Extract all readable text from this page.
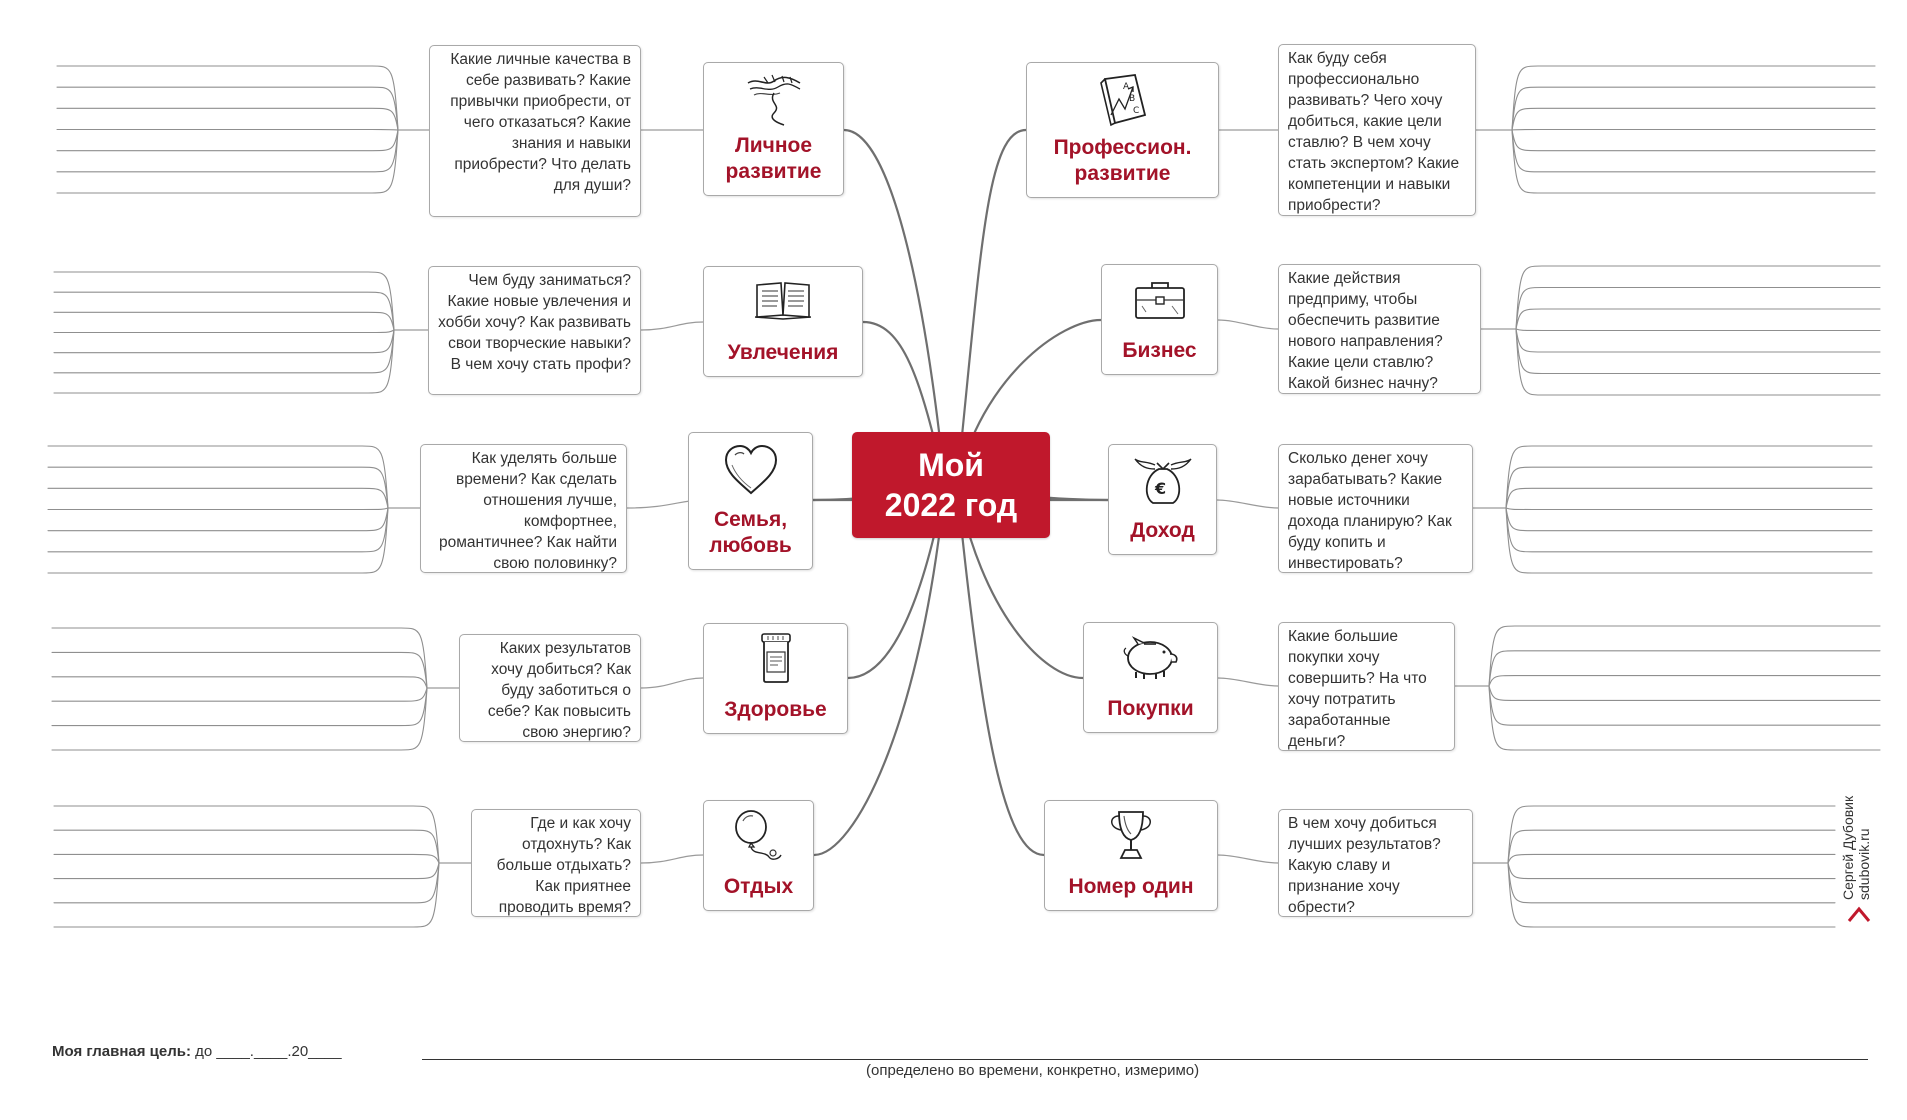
Мой
2022 год
Личное
развитие
Увлечения
Семья,
любовь
Здоровье
Отдых
A
B
C
Профессион.
развитие
Бизнес
€
Доход
Покупки
Номер один
Какие личные качества в себе развивать? Какие привычки приобрести, от чего отказаться? Какие знания и навыки приобрести? Что делать для души?
Чем буду заниматься? Какие новые увлечения и хобби хочу? Как развивать свои творческие навыки? В чем хочу стать профи?
Как уделять больше времени? Как сделать отношения лучше, комфортнее, романтичнее? Как найти свою половинку?
Каких результатов хочу добиться? Как буду заботиться о себе? Как повысить свою энергию?
Где и как хочу отдохнуть? Как больше отдыхать? Как приятнее проводить время?
Как буду себя профессионально развивать? Чего хочу добиться, какие цели ставлю? В чем хочу стать экспертом? Какие компетенции и навыки приобрести?
Какие действия предприму, чтобы обеспечить развитие нового направления? Какие цели ставлю? Какой бизнес начну?
Сколько денег хочу зарабатывать? Какие новые источники дохода планирую? Как буду копить и инвестировать?
Какие большие покупки хочу совершить? На что хочу потратить заработанные деньги?
В чем хочу добиться лучших результатов? Какую славу и признание хочу обрести?
Моя главная цель: до ____.____.20____
(определено во времени, конкретно, измеримо)
Сергей Дубовик sdubovik.ru
